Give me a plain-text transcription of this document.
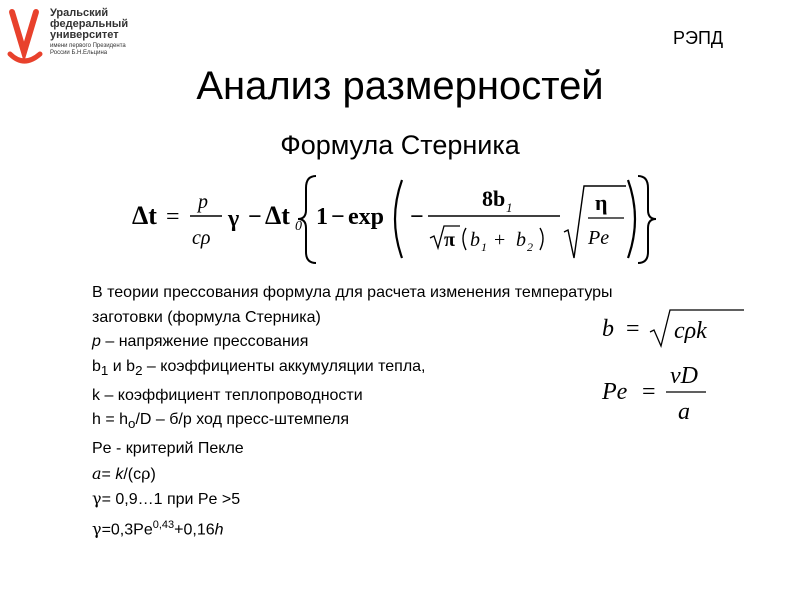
Уральский
федеральный
университет
имени первого Президента
России Б.Н.Ельцина
РЭПД
Анализ размерностей
Формула Стерника
Δt =
p
cρ
γ − Δt 0 1 − exp −
8b 1
π b 1 + b 2
η
Pe
В теории прессования формула для расчета изменения температуры
заготовки (формула Стерника)
p – напряжение прессования
$b_1$ и $b_2$ – коэффициенты аккумуляции тепла,
k – коэффициент теплопроводности
$h = h_o/D - б/р$ ход пресс-штемпеля
Pe - критерий Пекле
a= k/(cρ)
γ= 0,9…1 при Pe >5
γ=0,3Pe$^{0,43}$+0,16h
b = cρk
Pe =
vD
a
